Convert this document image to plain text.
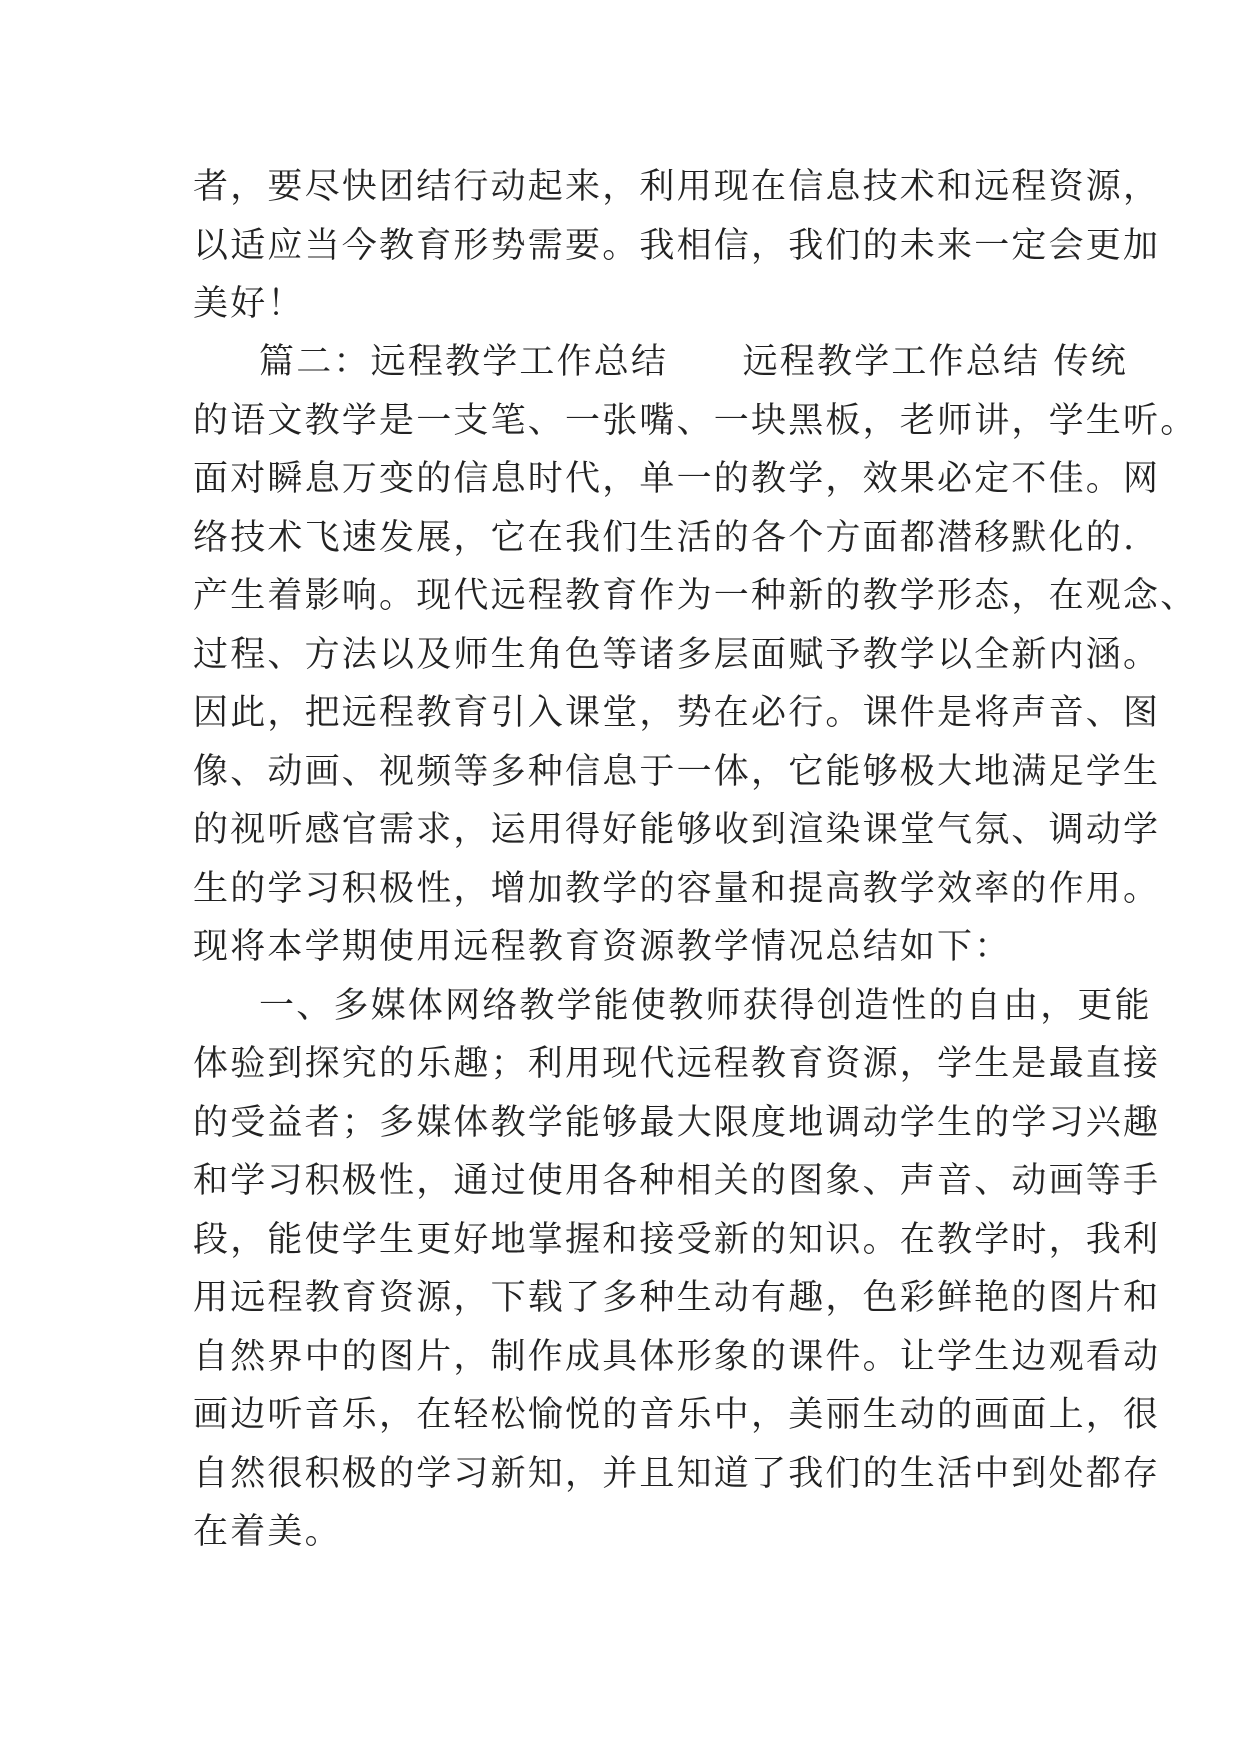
者，要尽快团结行动起来，利用现在信息技术和远程资源，
以适应当今教育形势需要。我相信，我们的未来一定会更加
美好！
篇二：远程教学工作总结　　远程教学工作总结 传统
的语文教学是一支笔、一张嘴、一块黑板，老师讲，学生听。
面对瞬息万变的信息时代，单一的教学，效果必定不佳。网
络技术飞速发展，它在我们生活的各个方面都潜移默化的.
产生着影响。现代远程教育作为一种新的教学形态，在观念、
过程、方法以及师生角色等诸多层面赋予教学以全新内涵。
因此，把远程教育引入课堂，势在必行。课件是将声音、图
像、动画、视频等多种信息于一体，它能够极大地满足学生
的视听感官需求，运用得好能够收到渲染课堂气氛、调动学
生的学习积极性，增加教学的容量和提高教学效率的作用。
现将本学期使用远程教育资源教学情况总结如下：
一、多媒体网络教学能使教师获得创造性的自由，更能
体验到探究的乐趣；利用现代远程教育资源，学生是最直接
的受益者；多媒体教学能够最大限度地调动学生的学习兴趣
和学习积极性，通过使用各种相关的图象、声音、动画等手
段，能使学生更好地掌握和接受新的知识。在教学时，我利
用远程教育资源，下载了多种生动有趣，色彩鲜艳的图片和
自然界中的图片，制作成具体形象的课件。让学生边观看动
画边听音乐，在轻松愉悦的音乐中，美丽生动的画面上，很
自然很积极的学习新知，并且知道了我们的生活中到处都存
在着美。
